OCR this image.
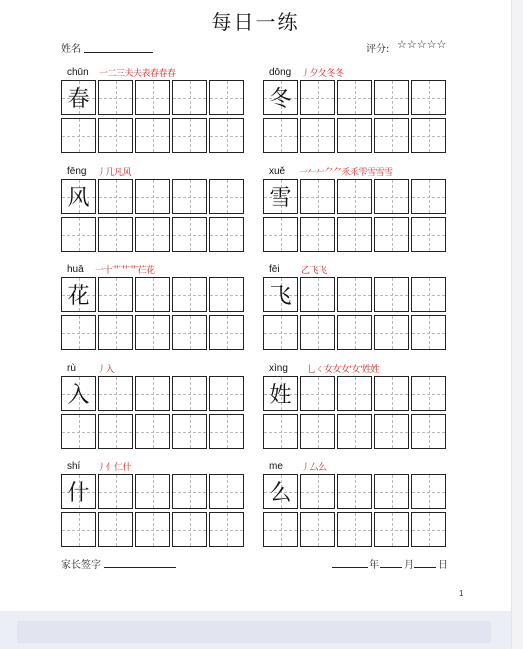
每日一练
姓名	评分: ☆☆☆☆☆
chūn 一二三夫夫表春春春
春
dōng 丿夕夂冬冬
冬
fēng 丿几凡风
风
xuě 一𠂉𠂉⺈⺈乑乑雫雪雪雪
雪
huā 一十艹艹艹芢花
花
fēi 乙飞飞
飞
rù 丿入
入
xìng 乚ㄑ女女女'女'姓姓
姓
shí 丿亻仁什
什
me 丿厶么
么
家长签字	年	月 日
1
